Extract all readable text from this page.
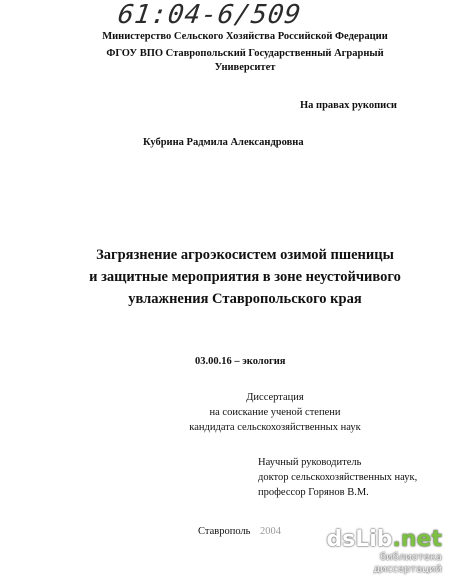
61:04-6/509
Министерство Сельского Хозяйства Российской Федерации
ФГОУ ВПО Ставропольский Государственный Аграрный
Университет
На правах рукописи
Кубрина Радмила Александровна
Загрязнение агроэкосистем озимой пшеницы
и защитные мероприятия в зоне неустойчивого
увлажнения Ставропольского края
03.00.16 – экология
Диссертация
на соискание ученой степени
кандидата сельскохозяйственных наук
Научный руководитель
доктор сельскохозяйственных наук,
профессор Горянов В.М.
Ставрополь 2004	dsLib.net
библиотека диссертаций
